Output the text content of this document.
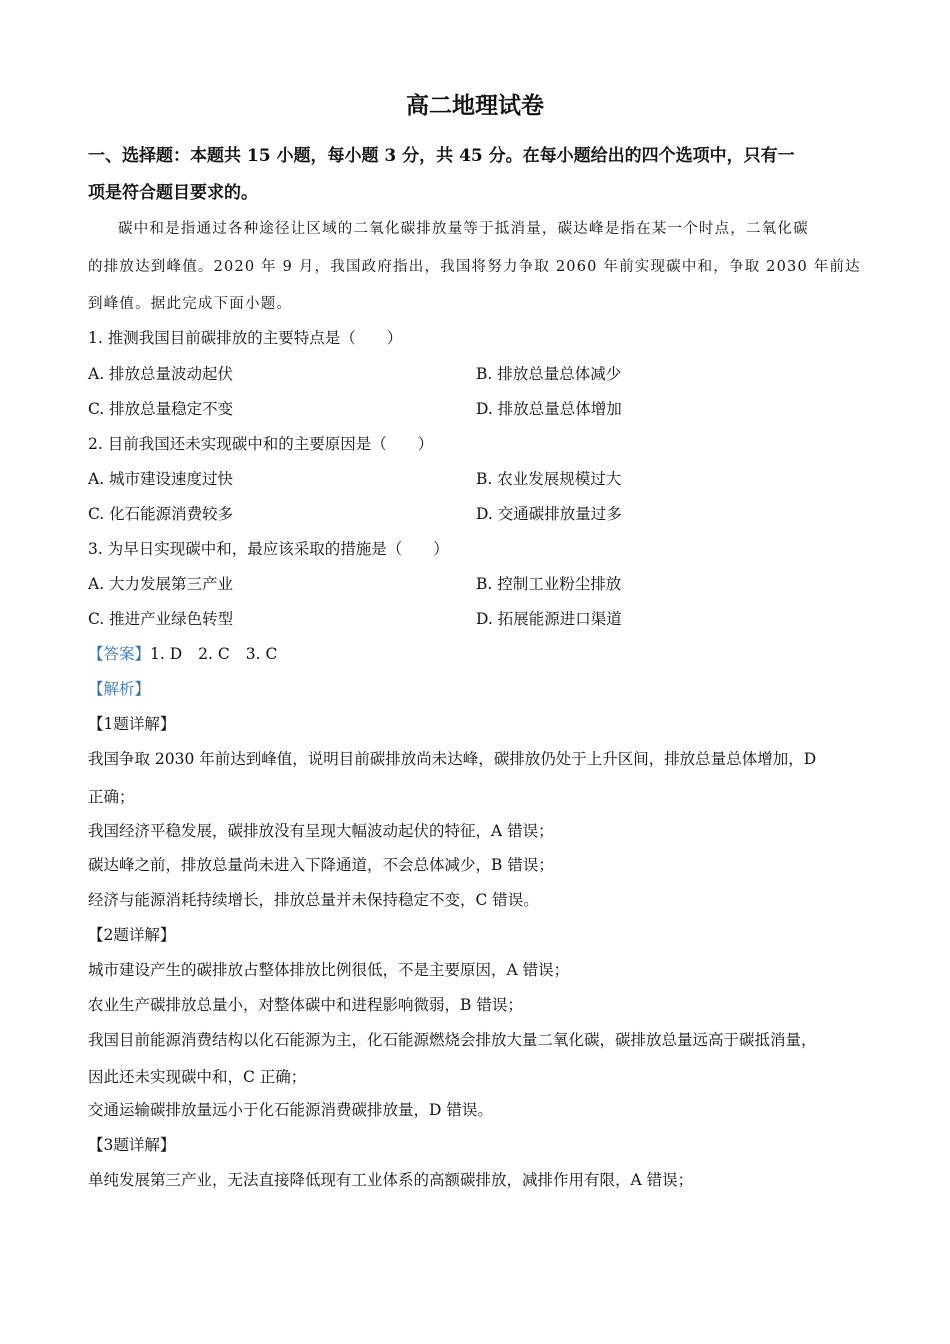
高二地理试卷
一、选择题：本题共 15 小题，每小题 3 分，共 45 分。在每小题给出的四个选项中，只有一
项是符合题目要求的。
碳中和是指通过各种途径让区域的二氧化碳排放量等于抵消量，碳达峰是指在某一个时点，二氧化碳
的排放达到峰值。2020 年 9 月，我国政府指出，我国将努力争取 2060 年前实现碳中和，争取 2030 年前达
到峰值。据此完成下面小题。
1. 推测我国目前碳排放的主要特点是（　　）
A. 排放总量波动起伏	B. 排放总量总体减少
C. 排放总量稳定不变	D. 排放总量总体增加
2. 目前我国还未实现碳中和的主要原因是（　　）
A. 城市建设速度过快	B. 农业发展规模过大
C. 化石能源消费较多	D. 交通碳排放量过多
3. 为早日实现碳中和，最应该采取的措施是（　　）
A. 大力发展第三产业	B. 控制工业粉尘排放
C. 推进产业绿色转型	D. 拓展能源进口渠道
【答案】1. D 2. C 3. C
【解析】
【1题详解】
我国争取 2030 年前达到峰值，说明目前碳排放尚未达峰，碳排放仍处于上升区间，排放总量总体增加，D
正确；
我国经济平稳发展，碳排放没有呈现大幅波动起伏的特征，A 错误；
碳达峰之前，排放总量尚未进入下降通道，不会总体减少，B 错误；
经济与能源消耗持续增长，排放总量并未保持稳定不变，C 错误。
【2题详解】
城市建设产生的碳排放占整体排放比例很低，不是主要原因，A 错误；
农业生产碳排放总量小，对整体碳中和进程影响微弱，B 错误；
我国目前能源消费结构以化石能源为主，化石能源燃烧会排放大量二氧化碳，碳排放总量远高于碳抵消量，
因此还未实现碳中和，C 正确；
交通运输碳排放量远小于化石能源消费碳排放量，D 错误。
【3题详解】
单纯发展第三产业，无法直接降低现有工业体系的高额碳排放，减排作用有限，A 错误；
